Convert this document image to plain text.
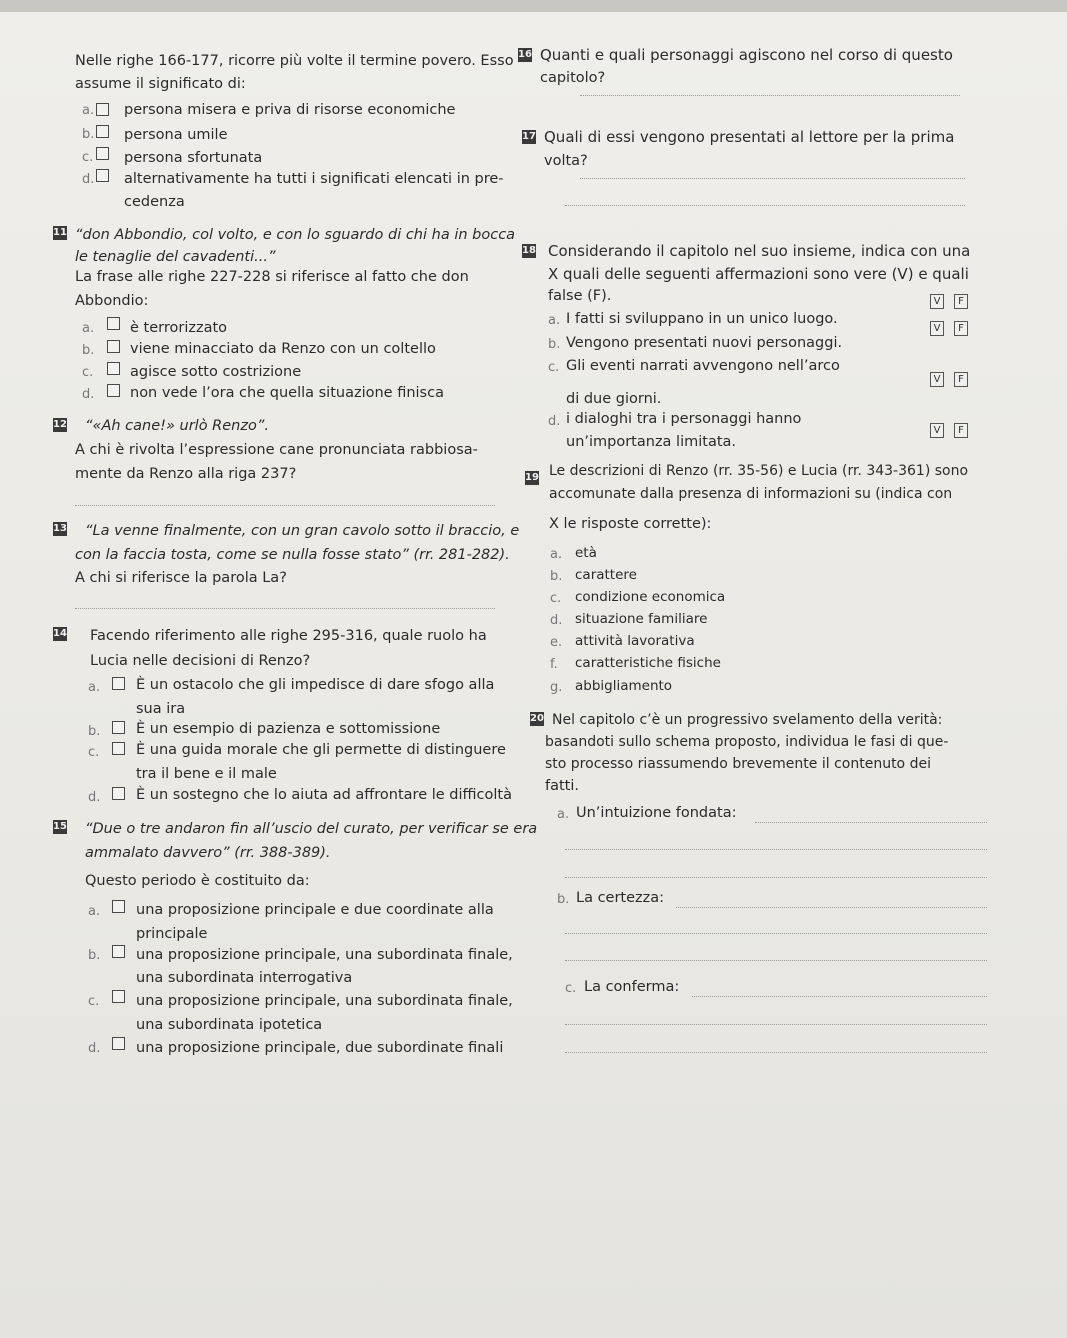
Nelle righe 166-177, ricorre più volte il termine povero. Esso
assume il significato di:
a. persona misera e priva di risorse economiche
b. persona umile
c. persona sfortunata
d. alternativamente ha tutti i significati elencati in pre-
cedenza
11 “don Abbondio, col volto, e con lo sguardo di chi ha in bocca
le tenaglie del cavadenti...”
La frase alle righe 227-228 si riferisce al fatto che don
Abbondio:
a. è terrorizzato
b. viene minacciato da Renzo con un coltello
c.	agisce sotto costrizione
d. non vede l’ora che quella situazione finisca
12 “«Ah cane!» urlò Renzo”.
A chi è rivolta l’espressione cane pronunciata rabbiosa-
mente da Renzo alla riga 237?
13 “La venne finalmente, con un gran cavolo sotto il braccio, e
con la faccia tosta, come se nulla fosse stato” (rr. 281-282).
A chi si riferisce la parola La?
14 Facendo riferimento alle righe 295-316, quale ruolo ha
Lucia nelle decisioni di Renzo?
a. È un ostacolo che gli impedisce di dare sfogo alla
sua ira
b. È un esempio di pazienza e sottomissione
c.	È una guida morale che gli permette di distinguere
tra il bene e il male
d. È un sostegno che lo aiuta ad affrontare le difficoltà
15 “Due o tre andaron fin all’uscio del curato, per verificar se era
ammalato davvero” (rr. 388-389).
Questo periodo è costituito da:
a. una proposizione principale e due coordinate alla
principale
b. una proposizione principale, una subordinata finale,
una subordinata interrogativa
c.	una proposizione principale, una subordinata finale,
una subordinata ipotetica
d. una proposizione principale, due subordinate finali
16 Quanti e quali personaggi agiscono nel corso di questo
capitolo?
17 Quali di essi vengono presentati al lettore per la prima
volta?
18 Considerando il capitolo nel suo insieme, indica con una
X quali delle seguenti affermazioni sono vere (V) e quali
false (F).
a. I fatti si sviluppano in un unico luogo.
V	F
b. Vengono presentati nuovi personaggi.
V	F
c. Gli eventi narrati avvengono nell’arco
di due giorni.
V	F
d. i dialoghi tra i personaggi hanno
un’importanza limitata.
V	F
19 Le descrizioni di Renzo (rr. 35-56) e Lucia (rr. 343-361) sono
accomunate dalla presenza di informazioni su (indica con
X le risposte corrette):
a. età
b. carattere
c. condizione economica
d. situazione familiare
e. attività lavorativa
f. caratteristiche fisiche
g. abbigliamento
20 Nel capitolo c’è un progressivo svelamento della verità:
basandoti sullo schema proposto, individua le fasi di que-
sto processo riassumendo brevemente il contenuto dei
fatti.
a. Un’intuizione fondata:
b. La certezza:
c. La conferma:
